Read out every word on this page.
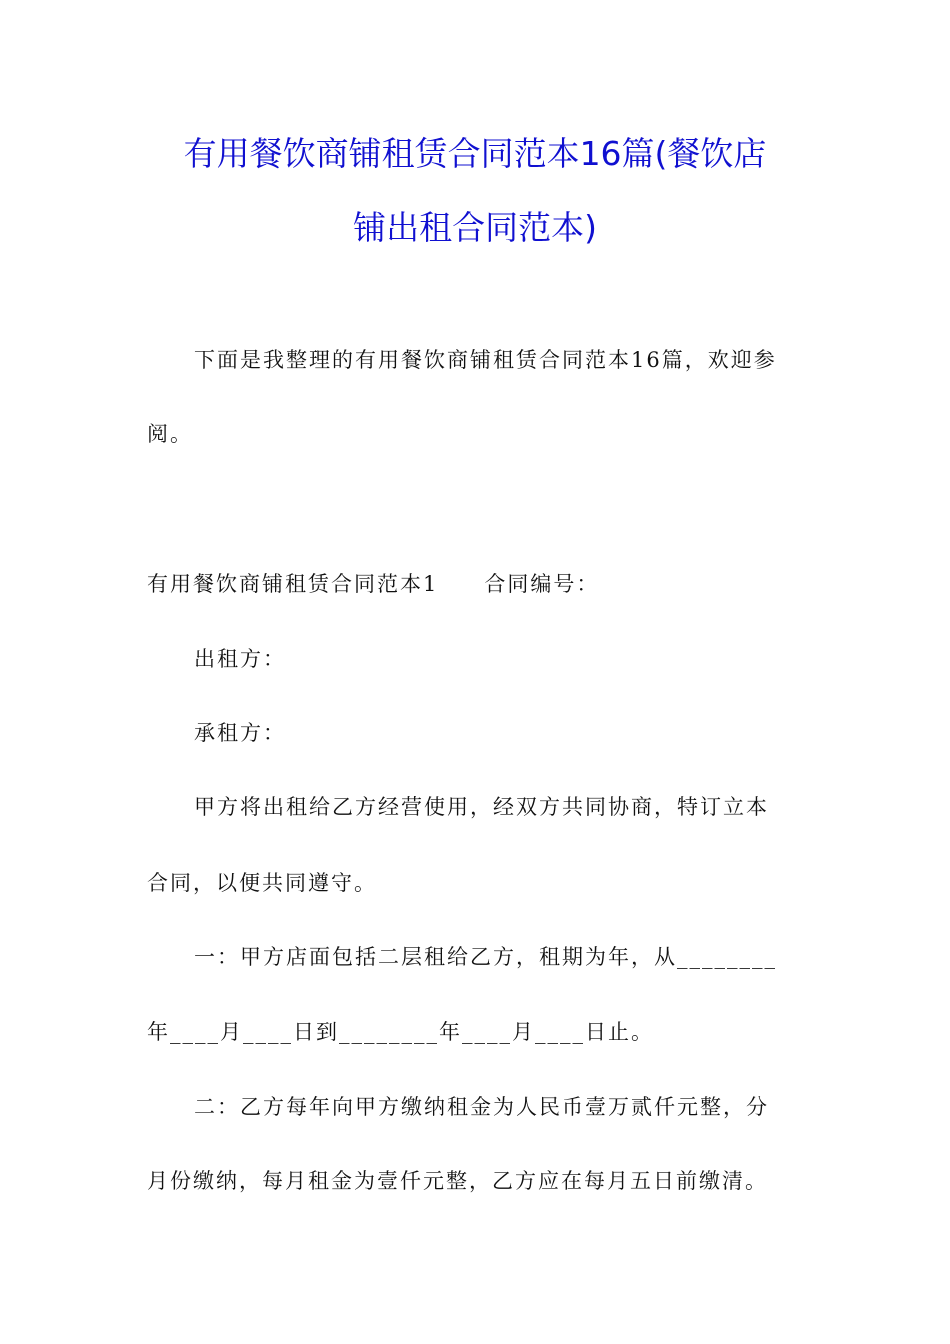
有用餐饮商铺租赁合同范本16篇(餐饮店
铺出租合同范本)
下面是我整理的有用餐饮商铺租赁合同范本16篇，欢迎参
阅。
有用餐饮商铺租赁合同范本1　　合同编号：
出租方：
承租方：
甲方将出租给乙方经营使用，经双方共同协商，特订立本
合同，以便共同遵守。
一：甲方店面包括二层租给乙方，租期为年，从________
年____月____日到________年____月____日止。
二：乙方每年向甲方缴纳租金为人民币壹万贰仟元整，分
月份缴纳，每月租金为壹仟元整，乙方应在每月五日前缴清。
